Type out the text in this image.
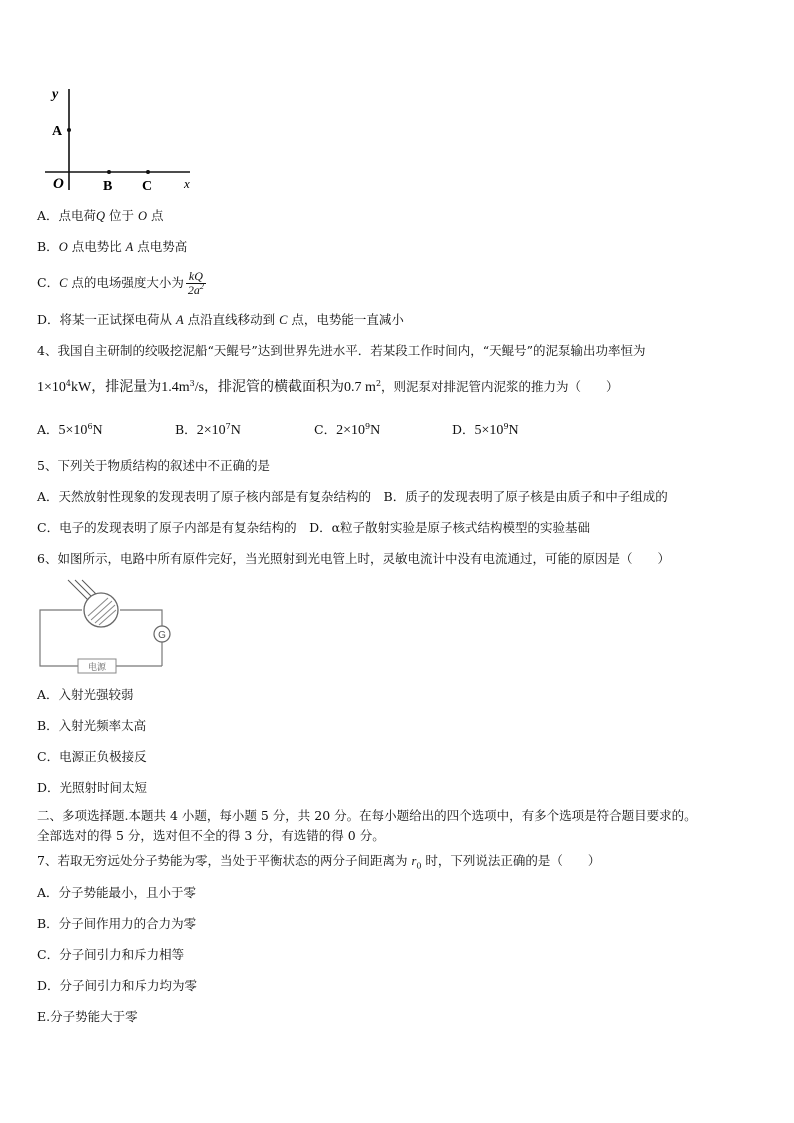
y
A
O	B C x
A．点电荷Q 位于 O 点
B．O 点电势比 A 点电势高
C．C 点的电场强度大小为 $\frac{kQ}{2a^2}$
D．将某一正试探电荷从 A 点沿直线移动到 C 点，电势能一直减小
4、我国自主研制的绞吸挖泥船“天鲲号”达到世界先进水平．若某段工作时间内，“天鲲号”的泥泵输出功率恒为
$1\times 10^4kW$，排泥量为$1.4m^3/s$，排泥管的横截面积为0.7 $m^2$，则泥泵对排泥管内泥浆的推力为（　　）
A．$5\times 10^6N$	B．$2\times 10^7N$	C．$2\times 10^9N$	D．$5\times 10^9N$
5、下列关于物质结构的叙述中不正确的是
A．天然放射性现象的发现表明了原子核内部是有复杂结构的　B．质子的发现表明了原子核是由质子和中子组成的
C．电子的发现表明了原子内部是有复杂结构的　D．α粒子散射实验是原子核式结构模型的实验基础
6、如图所示，电路中所有原件完好，当光照射到光电管上时，灵敏电流计中没有电流通过，可能的原因是（　　）
G
电源
A．入射光强较弱
B．入射光频率太高
C．电源正负极接反
D．光照射时间太短
二、多项选择题.本题共 4 小题，每小题 5 分，共 20 分。在每小题给出的四个选项中，有多个选项是符合题目要求的。
全部选对的得 5 分，选对但不全的得 3 分，有选错的得 0 分。
7、若取无穷远处分子势能为零，当处于平衡状态的两分子间距离为 $r_0$ 时，下列说法正确的是（　　）
A．分子势能最小，且小于零
B．分子间作用力的合力为零
C．分子间引力和斥力相等
D．分子间引力和斥力均为零
E.分子势能大于零
